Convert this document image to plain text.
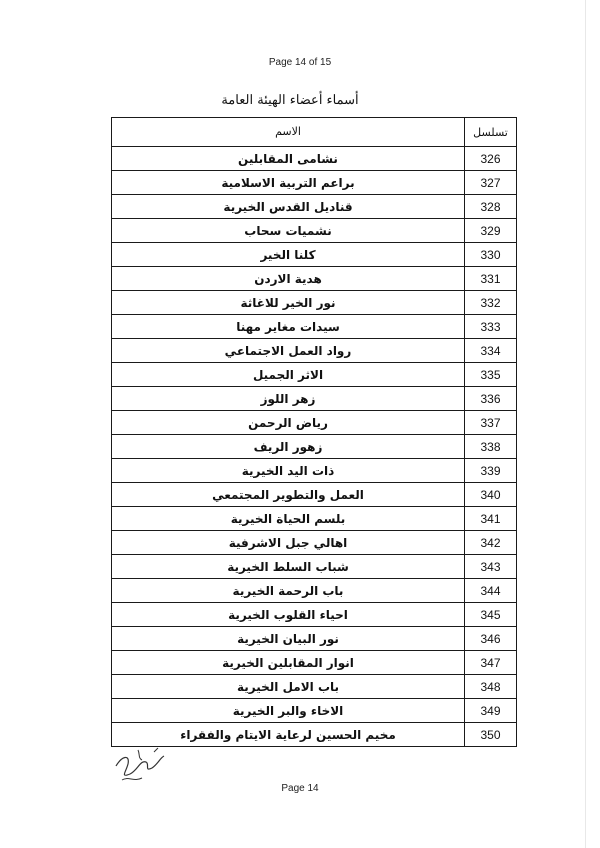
Page 14 of 15
أسماء أعضاء الهيئة العامة
تسلسل	الاسم
326	نشامى المقابلين
327	براعم التربية الاسلامية
328	قناديل القدس الخيرية
329	نشميات سحاب
330	كلنا الخير
331	هدية الاردن
332	نور الخير للاغاثة
333	سيدات مغاير مهنا
334	رواد العمل الاجتماعي
335	الاثر الجميل
336	زهر اللوز
337	رياض الرحمن
338	زهور الريف
339	ذات اليد الخيرية
340	العمل والتطوير المجتمعي
341	بلسم الحياة الخيرية
342	اهالي جبل الاشرفية
343	شباب السلط الخيرية
344	باب الرحمة الخيرية
345	احياء القلوب الخيرية
346	نور البيان الخيرية
347	انوار المقابلين الخيرية
348	باب الامل الخيرية
349	الاخاء والبر الخيرية
350	مخيم الحسين لرعاية الايتام والفقراء
Page 14
